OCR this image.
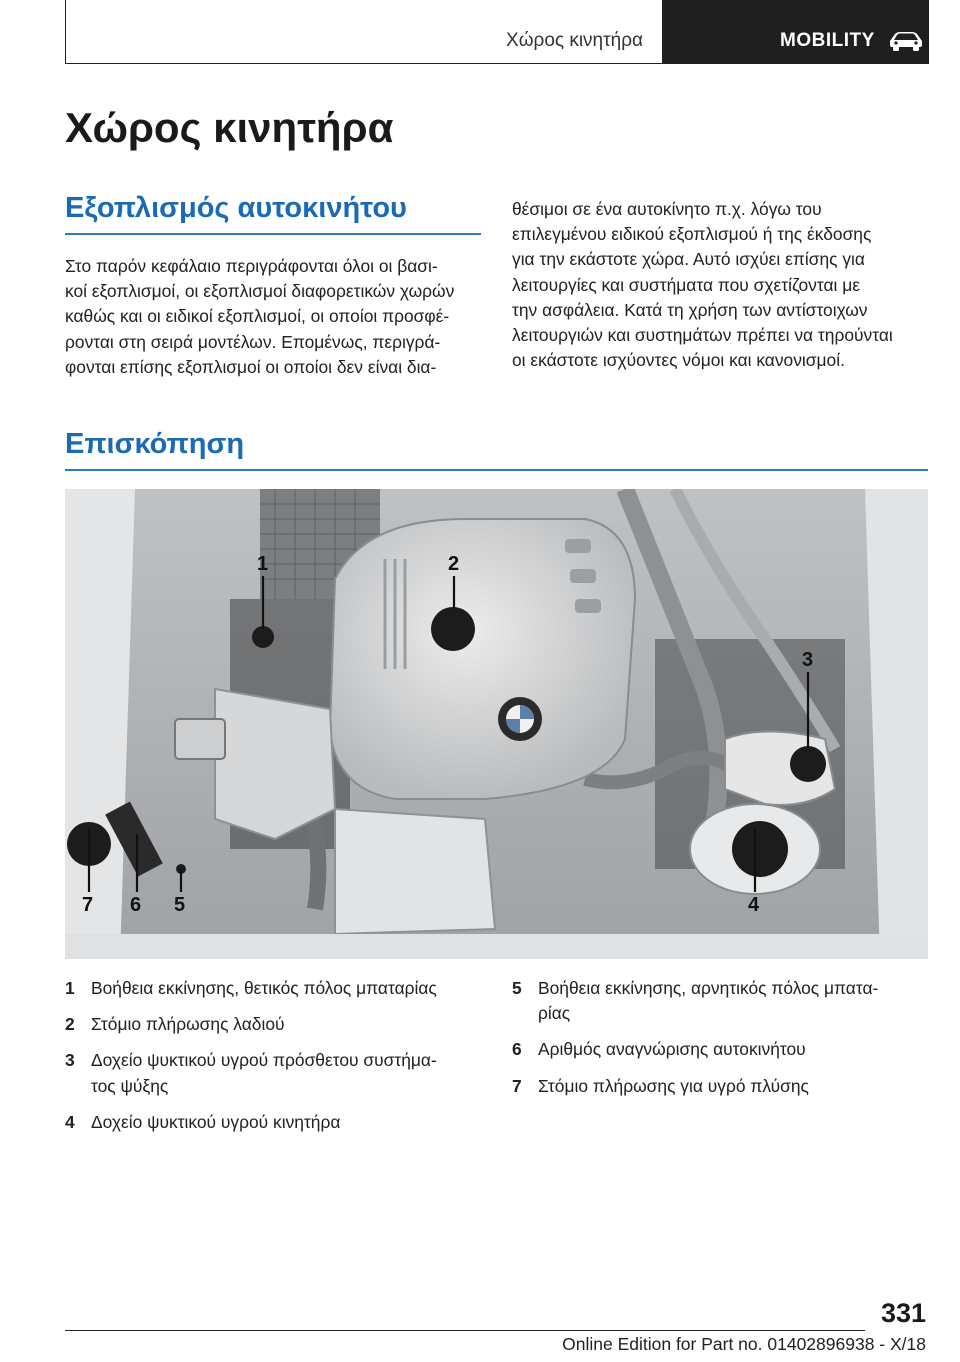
Χώρος κινητήρα	MOBILITY
Χώρος κινητήρα
Εξοπλισμός αυτοκινήτου
Στο παρόν κεφάλαιο περιγράφονται όλοι οι βασι-
κοί εξοπλισμοί, οι εξοπλισμοί διαφορετικών χωρών
καθώς και οι ειδικοί εξοπλισμοί, οι οποίοι προσφέ-
ρονται στη σειρά μοντέλων. Επομένως, περιγρά-
φονται επίσης εξοπλισμοί οι οποίοι δεν είναι δια-
θέσιμοι σε ένα αυτοκίνητο π.χ. λόγω του
επιλεγμένου ειδικού εξοπλισμού ή της έκδοσης
για την εκάστοτε χώρα. Αυτό ισχύει επίσης για
λειτουργίες και συστήματα που σχετίζονται με
την ασφάλεια. Κατά τη χρήση των αντίστοιχων
λειτουργιών και συστημάτων πρέπει να τηρούνται
οι εκάστοτε ισχύοντες νόμοι και κανονισμοί.
Επισκόπηση
1	2
3
4
5
6
7
1 Βοήθεια εκκίνησης, θετικός πόλος μπαταρίας
2 Στόμιο πλήρωσης λαδιού
3 Δοχείο ψυκτικού υγρού πρόσθετου συστήμα-
τος ψύξης
4 Δοχείο ψυκτικού υγρού κινητήρα
5 Βοήθεια εκκίνησης, αρνητικός πόλος μπατα-
ρίας
6 Αριθμός αναγνώρισης αυτοκινήτου
7 Στόμιο πλήρωσης για υγρό πλύσης
331
Online Edition for Part no. 01402896938 - X/18
